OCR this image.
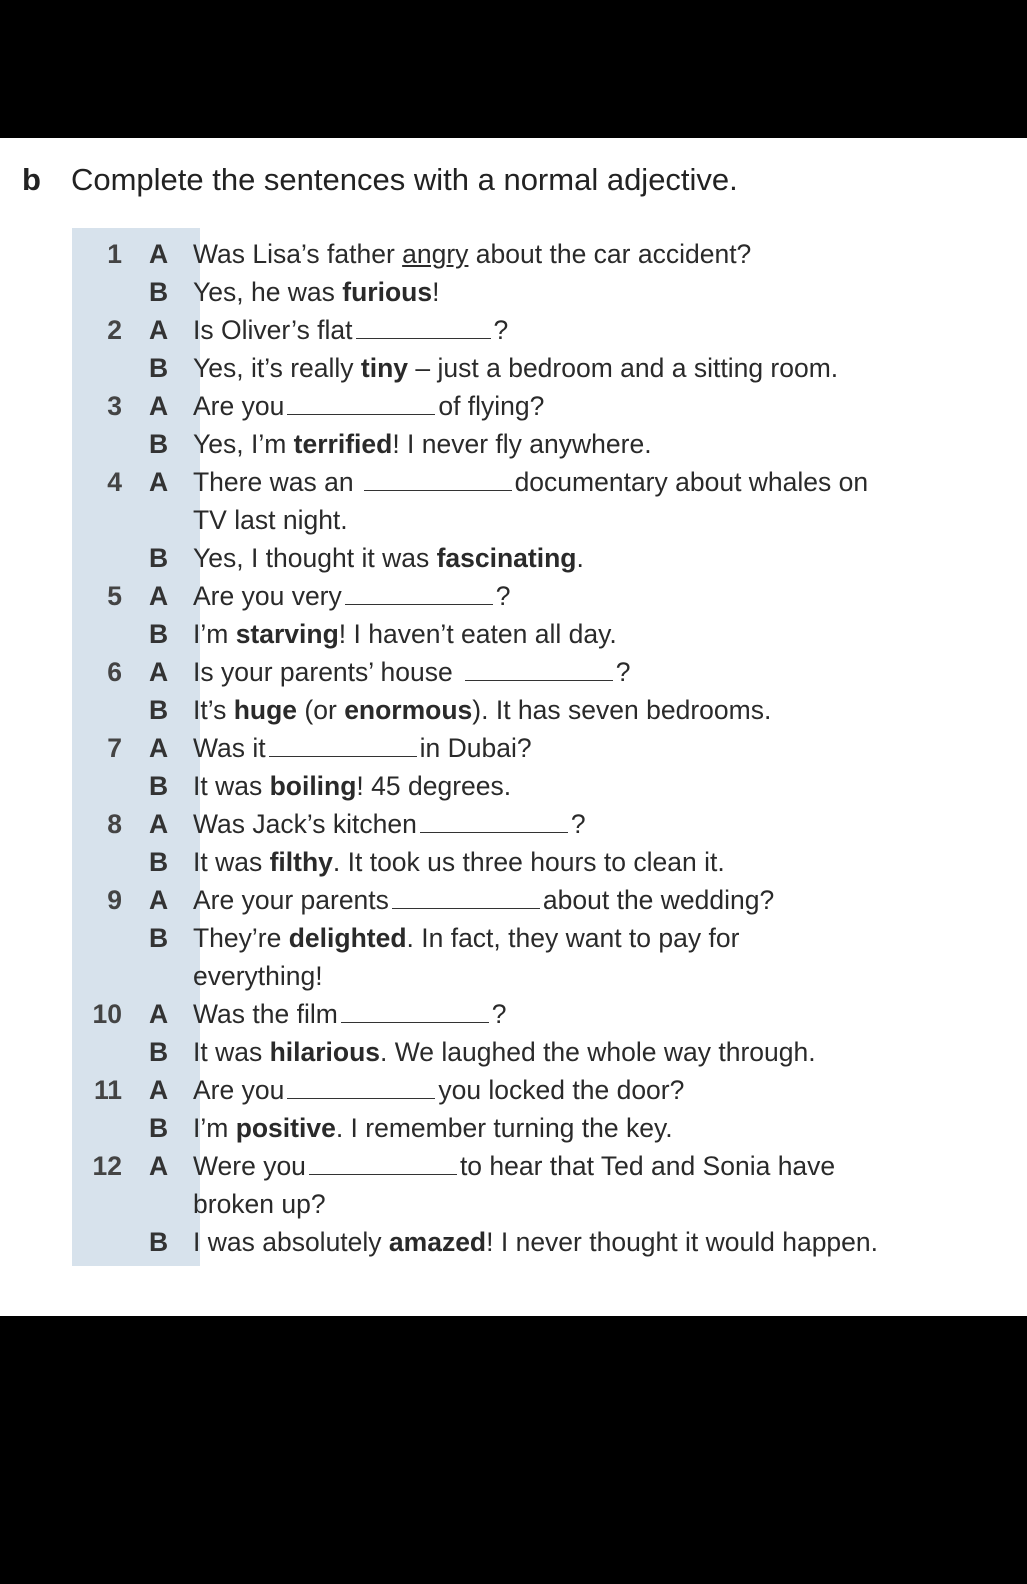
b Complete the sentences with a normal adjective.
1 A Was Lisa’s father angry about the car accident?
B Yes, he was furious!
2 A Is Oliver’s flat	?
B Yes, it’s really tiny – just a bedroom and a sitting room.
3 A Are you	of flying?
B Yes, I’m terrified! I never fly anywhere.
4 A There was an	documentary about whales on
TV last night.
B Yes, I thought it was fascinating.
5 A Are you very	?
B I’m starving! I haven’t eaten all day.
6 A Is your parents’ house	?
B It’s huge (or enormous). It has seven bedrooms.
7 A Was it	in Dubai?
B It was boiling! 45 degrees.
8 A Was Jack’s kitchen	?
B It was filthy. It took us three hours to clean it.
9 A Are your parents	about the wedding?
B They’re delighted. In fact, they want to pay for
everything!
10 A Was the film	?
B It was hilarious. We laughed the whole way through.
11 A Are you	you locked the door?
B I’m positive. I remember turning the key.
12 A Were you	to hear that Ted and Sonia have
broken up?
B I was absolutely amazed! I never thought it would happen.
